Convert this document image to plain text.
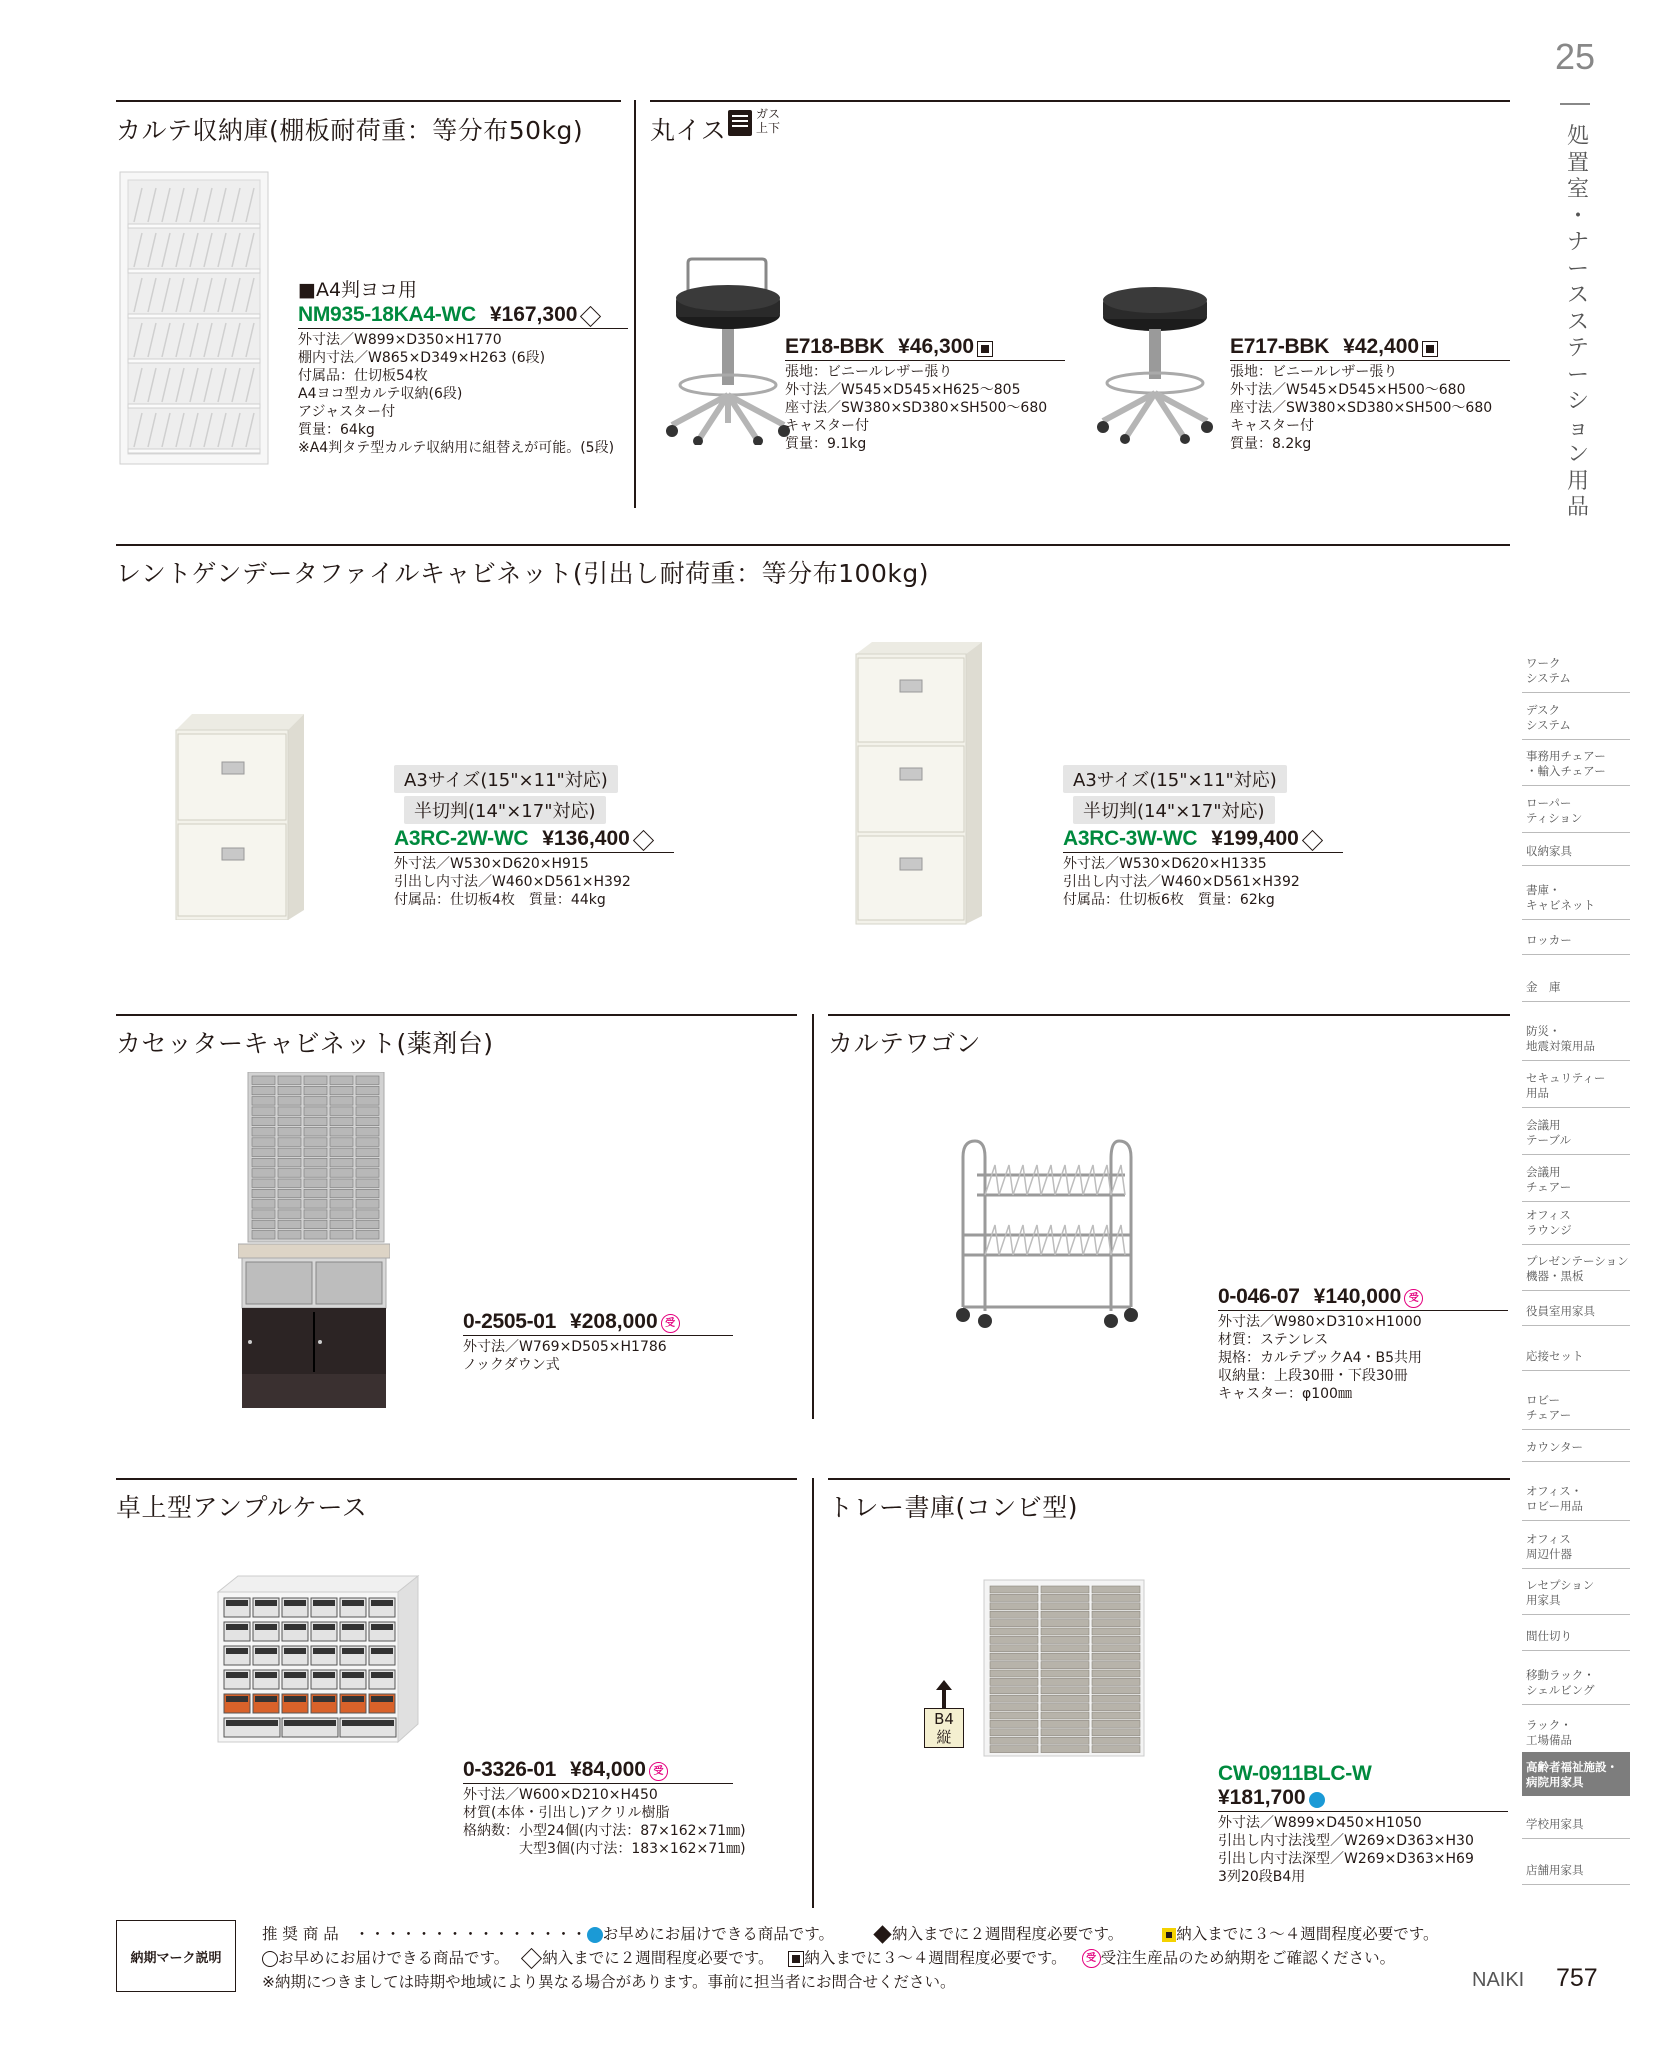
25
処
置
室
・
ナ
ー
ス
ス
テ
ー
シ
ョ
ン
用
品
カルテ収納庫(棚板耐荷重：等分布50kg)
■A4判ヨコ用
NM935-18KA4-WC ¥167,300
外寸法／W899×D350×H1770
棚内寸法／W865×D349×H263 (6段)
付属品：仕切板54枚
A4ヨコ型カルテ収納(6段)
アジャスター付
質量：64kg
※A4判タテ型カルテ収納用に組替えが可能。(5段)
丸イス
ガス
上下
E718-BBK ¥46,300
張地：ビニールレザー張り
外寸法／W545×D545×H625～805
座寸法／SW380×SD380×SH500～680
キャスター付
質量：9.1kg
E717-BBK ¥42,400
張地：ビニールレザー張り
外寸法／W545×D545×H500～680
座寸法／SW380×SD380×SH500～680
キャスター付
質量：8.2kg
レントゲンデータファイルキャビネット(引出し耐荷重：等分布100kg)
A3サイズ(15"×11"対応)
半切判(14"×17"対応)
A3RC-2W-WC ¥136,400
外寸法／W530×D620×H915
引出し内寸法／W460×D561×H392
付属品：仕切板4枚　質量：44kg
A3サイズ(15"×11"対応)
半切判(14"×17"対応)
A3RC-3W-WC ¥199,400
外寸法／W530×D620×H1335
引出し内寸法／W460×D561×H392
付属品：仕切板6枚　質量：62kg
カセッターキャビネット(薬剤台)
0-2505-01 ¥208,000 受
外寸法／W769×D505×H1786
ノックダウン式
カルテワゴン
0-046-07 ¥140,000 受
外寸法／W980×D310×H1000
材質：ステンレス
規格：カルテブックA4・B5共用
収納量：上段30冊・下段30冊
キャスター：φ100㎜
卓上型アンプルケース
0-3326-01 ¥84,000 受
外寸法／W600×D210×H450
材質(本体・引出し)アクリル樹脂
格納数：小型24個(内寸法：87×162×71㎜)
　　　　大型3個(内寸法：183×162×71㎜)
トレー書庫(コンビ型)
B4
縦
CW-0911BLC-W
¥181,700
外寸法／W899×D450×H1050
引出し内寸法浅型／W269×D363×H30
引出し内寸法深型／W269×D363×H69
3列20段B4用
ワーク
システム
デスク
システム
事務用チェアー
・輸入チェアー
ローパー
ティション
収納家具
書庫・
キャビネット
ロッカー
金　庫
防災・
地震対策用品
セキュリティー
用品
会議用
テーブル
会議用
チェアー
オフィス
ラウンジ
プレゼンテーション
機器・黒板
役員室用家具
応接セット
ロビー
チェアー
カウンター
オフィス・
ロビー用品
オフィス
周辺什器
レセプション
用家具
間仕切り
移動ラック・
シェルビング
ラック・
工場備品
高齢者福祉施設・
病院用家具
学校用家具
店舗用家具
納期マーク説明
推 奨 商 品　・・・・・・・・・・・・・・・ お早めにお届けできる商品です。	納入までに２週間程度必要です。	納入までに３～４週間程度必要です。
お早めにお届けできる商品です。 納入までに２週間程度必要です。 納入までに３～４週間程度必要です。 受 受注生産品のため納期をご確認ください。
※納期につきましては時期や地域により異なる場合があります。事前に担当者にお問合せください。	NAIKI 757
